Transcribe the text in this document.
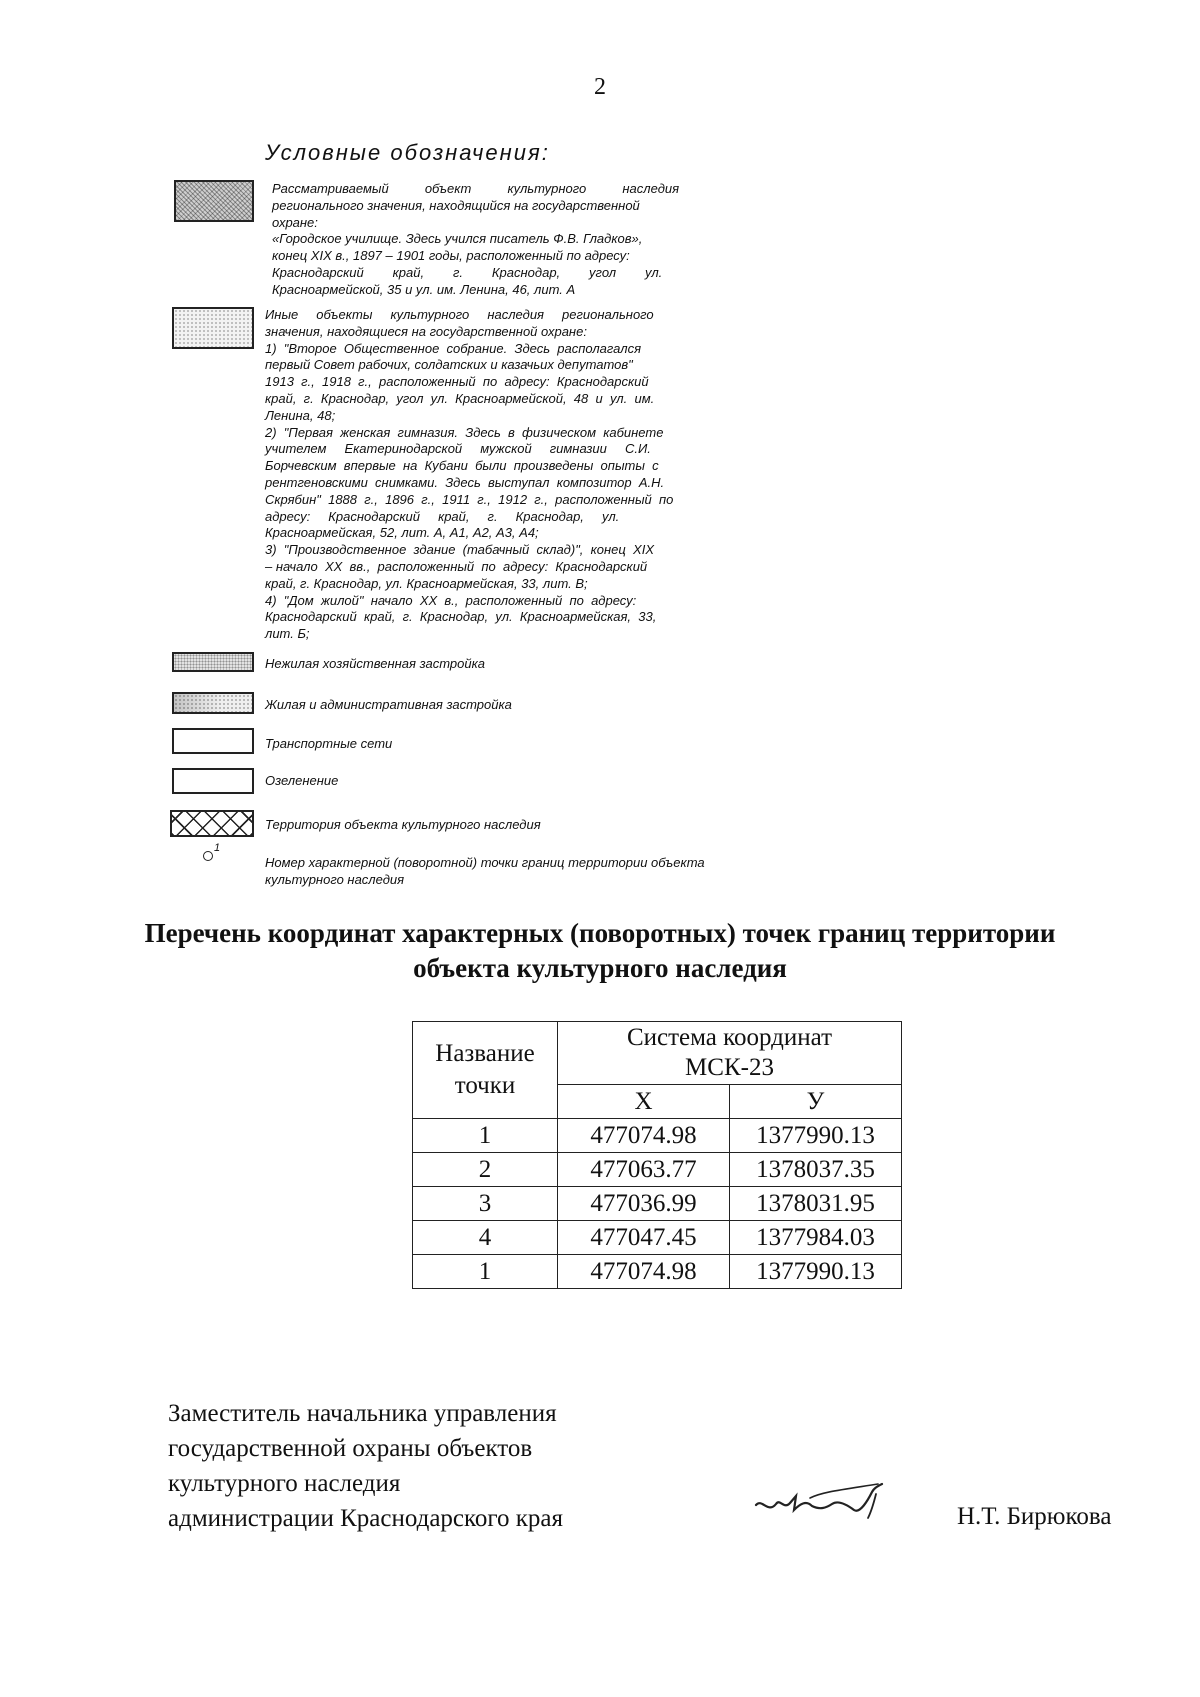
2
Условные обозначения:
Рассматриваемый          объект          культурного          наследия
регионального значения, находящийся на государственной
охране:
«Городское училище. Здесь учился писатель Ф.В. Гладков»,
конец XIX в., 1897 – 1901 годы, расположенный по адресу:
Краснодарский        край,        г.        Краснодар,        угол        ул.
Красноармейской, 35 и ул. им. Ленина, 46, лит. А
Иные     объекты     культурного     наследия     регионального
значения, находящиеся на государственной охране:
1)  "Второе  Общественное  собрание.  Здесь  располагался
первый Совет рабочих, солдатских и казачьих депутатов"
1913  г.,  1918  г.,  расположенный  по  адресу:  Краснодарский
край,  г.  Краснодар,  угол  ул.  Красноармейской,  48  и  ул.  им.
Ленина, 48;
2)  "Первая  женская  гимназия.  Здесь  в  физическом  кабинете
учителем     Екатеринодарской     мужской     гимназии     С.И.
Борчевским  впервые  на  Кубани  были  произведены  опыты  с
рентгеновскими  снимками.  Здесь  выступал  композитор  А.Н.
Скрябин"  1888  г.,  1896  г.,  1911  г.,  1912  г.,  расположенный  по
адресу:     Краснодарский     край,     г.     Краснодар,     ул.
Красноармейская, 52, лит. А, А1, А2, А3, А4;
3)  "Производственное  здание  (табачный  склад)",  конец  XIX
– начало  XX  вв.,  расположенный  по  адресу:  Краснодарский
край, г. Краснодар, ул. Красноармейская, 33, лит. В;
4)  "Дом  жилой"  начало  XX  в.,  расположенный  по  адресу:
Краснодарский  край,  г.  Краснодар,  ул.  Красноармейская,  33,
лит. Б;
Нежилая хозяйственная застройка
Жилая и административная застройка
Транспортные сети
Озеленение
Территория объекта культурного наследия
1
Номер характерной (поворотной) точки границ территории объекта
культурного наследия
Перечень координат характерных (поворотных) точек границ территории
объекта культурного наследия
Название
точки	Система координат
МСК-23	
	X	У
1	477074.98	1377990.13
2	477063.77	1378037.35
3	477036.99	1378031.95
4	477047.45	1377984.03
1	477074.98	1377990.13
Заместитель начальника управления
государственной охраны объектов
культурного наследия
администрации Краснодарского края	Н.Т. Бирюкова
